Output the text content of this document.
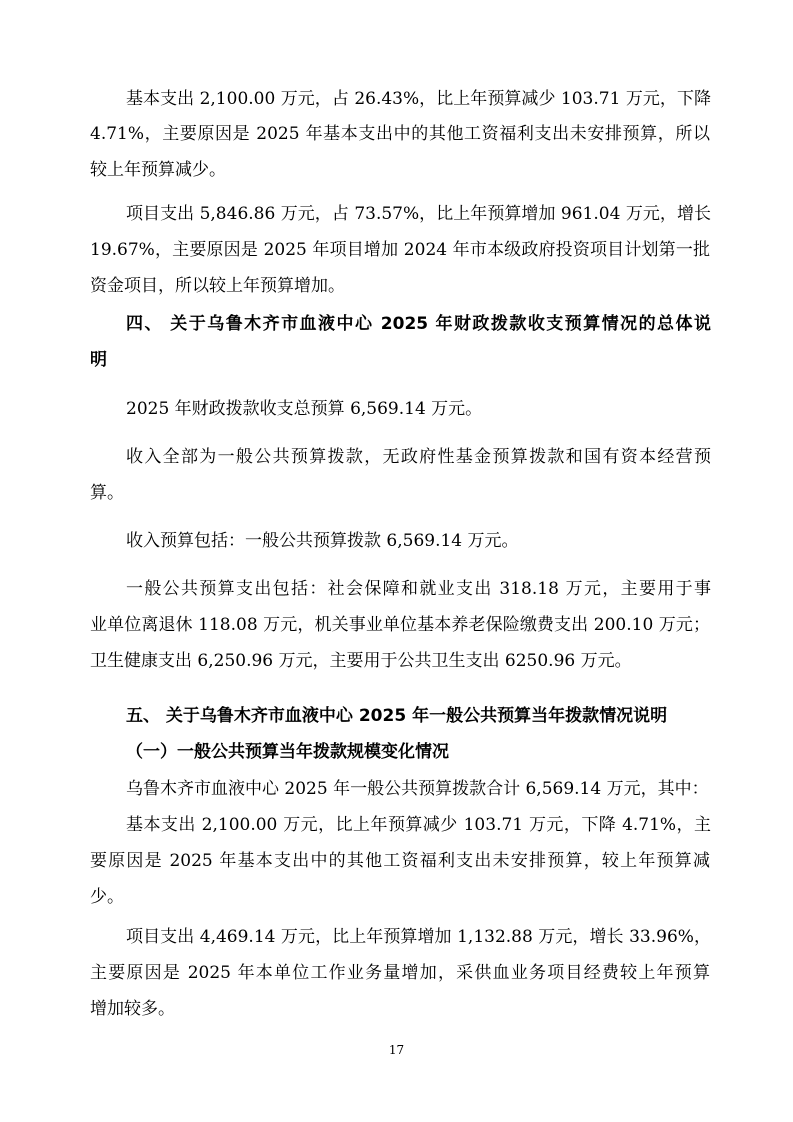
基本支出 2,100.00 万元，占 26.43%，比上年预算减少 103.71 万元，下降
4.71%，主要原因是 2025 年基本支出中的其他工资福利支出未安排预算，所以
较上年预算减少。
项目支出 5,846.86 万元，占 73.57%，比上年预算增加 961.04 万元，增长
19.67%，主要原因是 2025 年项目增加 2024 年市本级政府投资项目计划第一批
资金项目，所以较上年预算增加。
四、 关于乌鲁木齐市血液中心 2025 年财政拨款收支预算情况的总体说
明
2025 年财政拨款收支总预算 6,569.14 万元。
收入全部为一般公共预算拨款，无政府性基金预算拨款和国有资本经营预
算。
收入预算包括：一般公共预算拨款 6,569.14 万元。
一般公共预算支出包括：社会保障和就业支出 318.18 万元，主要用于事
业单位离退休 118.08 万元，机关事业单位基本养老保险缴费支出 200.10 万元；
卫生健康支出 6,250.96 万元，主要用于公共卫生支出 6250.96 万元。
五、 关于乌鲁木齐市血液中心 2025 年一般公共预算当年拨款情况说明
（一）一般公共预算当年拨款规模变化情况
乌鲁木齐市血液中心 2025 年一般公共预算拨款合计 6,569.14 万元，其中：
基本支出 2,100.00 万元，比上年预算减少 103.71 万元，下降 4.71%，主
要原因是 2025 年基本支出中的其他工资福利支出未安排预算，较上年预算减
少。
项目支出 4,469.14 万元，比上年预算增加 1,132.88 万元，增长 33.96%，
主要原因是 2025 年本单位工作业务量增加，采供血业务项目经费较上年预算
增加较多。
17
